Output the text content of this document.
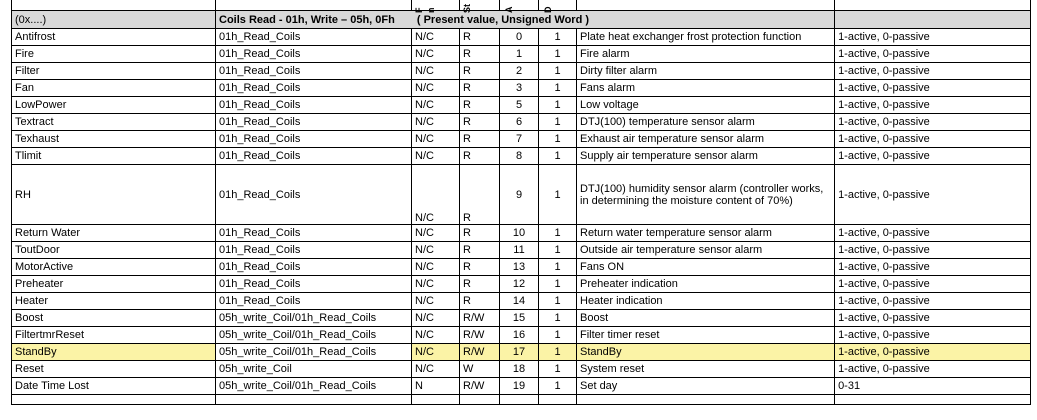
F n	St	A	D
(0x....)	Coils Read - 01h, Write – 05h, 0Fh ( Present value, Unsigned Word )						
Antifrost	01h_Read_Coils	N/C	R	0	1	Plate heat exchanger frost protection function	1-active, 0-passive
Fire	01h_Read_Coils	N/C	R	1	1	Fire alarm	1-active, 0-passive
Filter	01h_Read_Coils	N/C	R	2	1	Dirty filter alarm	1-active, 0-passive
Fan	01h_Read_Coils	N/C	R	3	1	Fans alarm	1-active, 0-passive
LowPower	01h_Read_Coils	N/C	R	5	1	Low voltage	1-active, 0-passive
Textract	01h_Read_Coils	N/C	R	6	1	DTJ(100) temperature sensor alarm	1-active, 0-passive
Texhaust	01h_Read_Coils	N/C	R	7	1	Exhaust air temperature sensor alarm	1-active, 0-passive
Tlimit	01h_Read_Coils	N/C	R	8	1	Supply air temperature sensor alarm	1-active, 0-passive
RH	01h_Read_Coils	N/C	R	9	1	DTJ(100) humidity sensor alarm (controller works, in determining the moisture content of 70%)	1-active, 0-passive
Return Water	01h_Read_Coils	N/C	R	10	1	Return water temperature sensor alarm	1-active, 0-passive
ToutDoor	01h_Read_Coils	N/C	R	11	1	Outside air temperature sensor alarm	1-active, 0-passive
MotorActive	01h_Read_Coils	N/C	R	13	1	Fans ON	1-active, 0-passive
Preheater	01h_Read_Coils	N/C	R	12	1	Preheater indication	1-active, 0-passive
Heater	01h_Read_Coils	N/C	R	14	1	Heater indication	1-active, 0-passive
Boost	05h_write_Coil/01h_Read_Coils	N/C	R/W	15	1	Boost	1-active, 0-passive
FiltertmrReset	05h_write_Coil/01h_Read_Coils	N/C	R/W	16	1	Filter timer reset	1-active, 0-passive
StandBy	05h_write_Coil/01h_Read_Coils	N/C	R/W	17	1	StandBy	1-active, 0-passive
Reset	05h_write_Coil	N/C	W	18	1	System reset	1-active, 0-passive
Date Time Lost	05h_write_Coil/01h_Read_Coils	N	R/W	19	1	Set day	0-31
